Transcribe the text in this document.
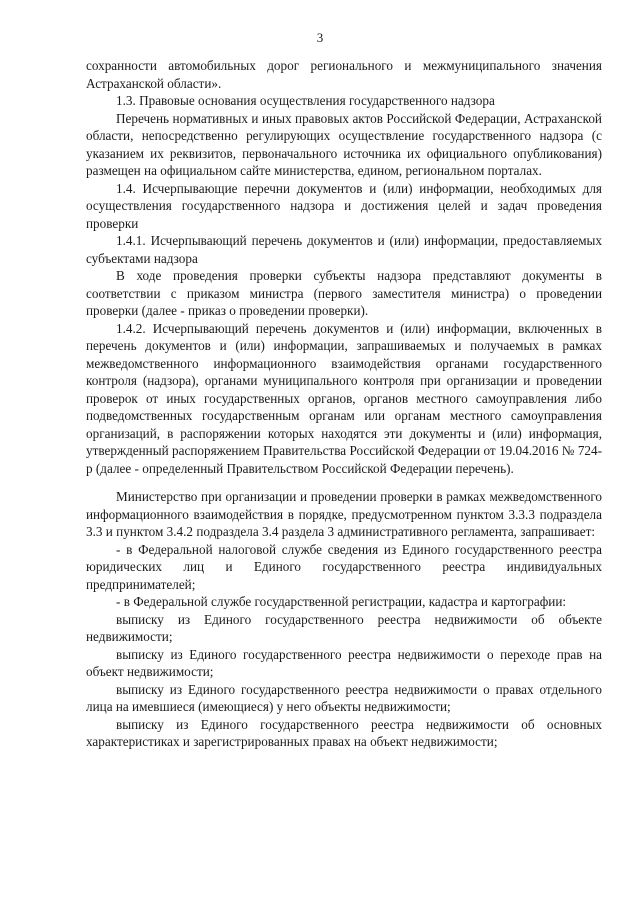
3

сохранности автомобильных дорог регионального и межмуниципального значения Астраханской области».

1.3. Правовые основания осуществления государственного надзора

Перечень нормативных и иных правовых актов Российской Федерации, Астраханской области, непосредственно регулирующих осуществление государственного надзора (с указанием их реквизитов, первоначального источника их официального опубликования) размещен на официальном сайте министерства, едином, региональном порталах.

1.4. Исчерпывающие перечни документов и (или) информации, необходимых для осуществления государственного надзора и достижения целей и задач проведения проверки

1.4.1. Исчерпывающий перечень документов и (или) информации, предоставляемых субъектами надзора

В ходе проведения проверки субъекты надзора представляют документы в соответствии с приказом министра (первого заместителя министра) о проведении проверки (далее - приказ о проведении проверки).

1.4.2. Исчерпывающий перечень документов и (или) информации, включенных в перечень документов и (или) информации, запрашиваемых и получаемых в рамках межведомственного информационного взаимодействия органами государственного контроля (надзора), органами муниципального контроля при организации и проведении проверок от иных государственных органов, органов местного самоуправления либо подведомственных государственным органам или органам местного самоуправления организаций, в распоряжении которых находятся эти документы и (или) информация, утвержденный распоряжением Правительства Российской Федерации от 19.04.2016 № 724-р (далее - определенный Правительством Российской Федерации перечень).

Министерство при организации и проведении проверки в рамках межведомственного информационного взаимодействия в порядке, предусмотренном пунктом 3.3.3 подраздела 3.3 и пунктом 3.4.2 подраздела 3.4 раздела 3 административного регламента, запрашивает:

- в Федеральной налоговой службе сведения из Единого государственного реестра юридических лиц и Единого государственного реестра индивидуальных предпринимателей;

- в Федеральной службе государственной регистрации, кадастра и картографии:

выписку из Единого государственного реестра недвижимости об объекте недвижимости;

выписку из Единого государственного реестра недвижимости о переходе прав на объект недвижимости;

выписку из Единого государственного реестра недвижимости о правах отдельного лица на имевшиеся (имеющиеся) у него объекты недвижимости;

выписку из Единого государственного реестра недвижимости об основных характеристиках и зарегистрированных правах на объект недвижимости;
